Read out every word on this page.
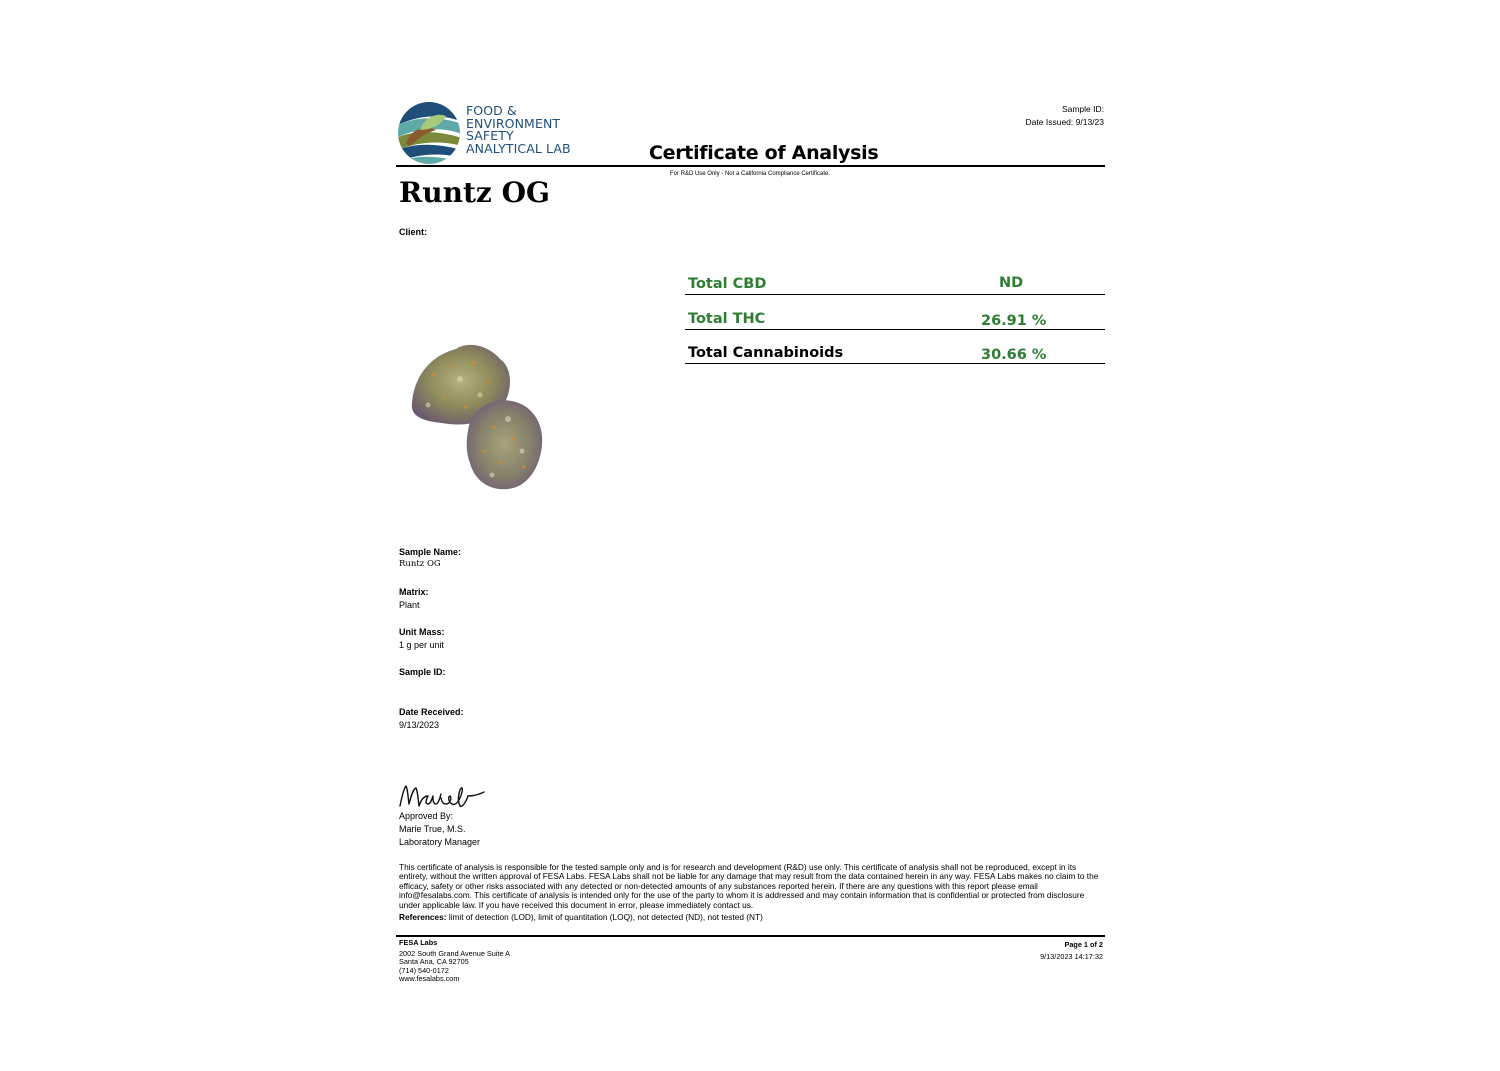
FOOD &
ENVIRONMENT
SAFETY
ANALYTICAL LAB
Sample ID:
Date Issued: 9/13/23
Certificate of Analysis
For R&D Use Only - Not a California Compliance Certificate.
Runtz OG
Client:
Total CBD	ND
Total THC	26.91 %
Total Cannabinoids	30.66 %
Sample Name:
Runtz OG
Matrix:
Plant
Unit Mass:
1 g per unit
Sample ID:
Date Received:
9/13/2023
Approved By:
Marie True, M.S.
Laboratory Manager
This certificate of analysis is responsible for the tested sample only and is for research and development (R&D) use only. This certificate of analysis shall not be reproduced, except in its entirety, without the written approval of FESA Labs. FESA Labs shall not be liable for any damage that may result from the data contained herein in any way. FESA Labs makes no claim to the efficacy, safety or other risks associated with any detected or non-detected amounts of any substances reported herein. If there are any questions with this report please email info@fesalabs.com. This certificate of analysis is intended only for the use of the party to whom it is addressed and may contain information that is confidential or protected from disclosure under applicable law. If you have received this document in error, please immediately contact us.
References: limit of detection (LOD), limit of quantitation (LOQ), not detected (ND), not tested (NT)
FESA Labs
2002 South Grand Avenue Suite A
Santa Ana, CA 92705
(714) 540-0172
www.fesalabs.com
Page 1 of 2
9/13/2023 14:17:32
